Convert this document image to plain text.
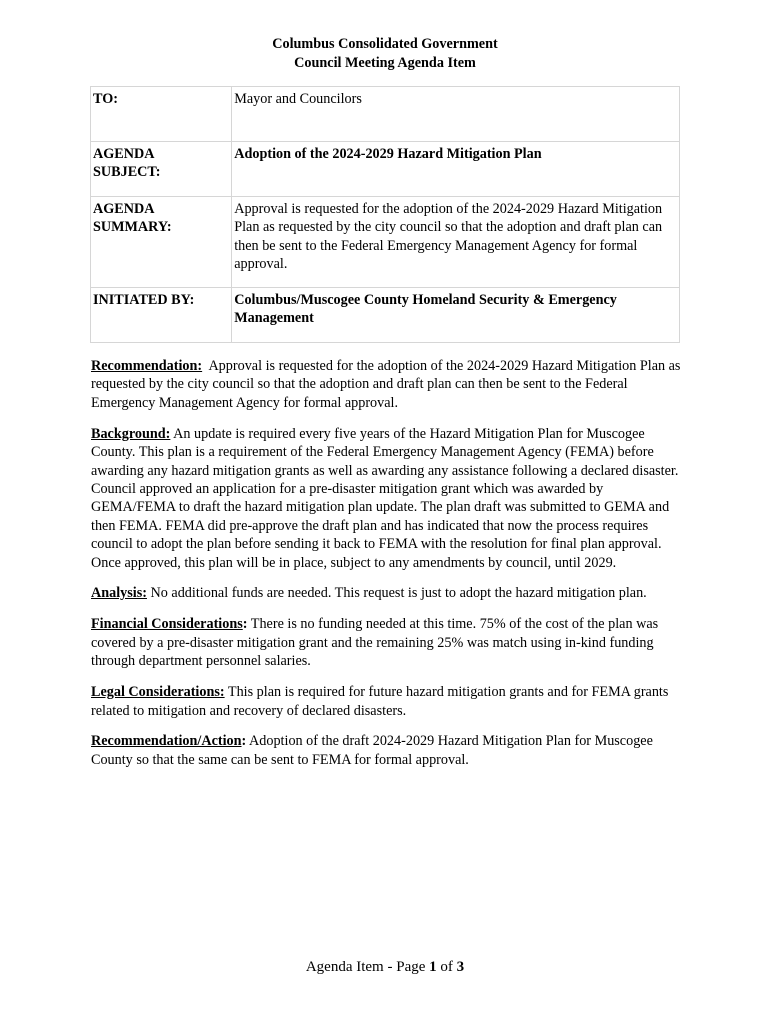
Columbus Consolidated Government
Council Meeting Agenda Item
TO:	Mayor and Councilors

AGENDA
SUBJECT:	Adoption of the 2024-2029 Hazard Mitigation Plan

AGENDA
SUMMARY:	Approval is requested for the adoption of the 2024-2029 Hazard Mitigation Plan as requested by the city council so that the adoption and draft plan can then be sent to the Federal Emergency Management Agency for formal approval.
INITIATED BY:	Columbus/Muscogee County Homeland Security & Emergency Management

Recommendation: Approval is requested for the adoption of the 2024-2029 Hazard Mitigation Plan as requested by the city council so that the adoption and draft plan can then be sent to the Federal Emergency Management Agency for formal approval.

Background: An update is required every five years of the Hazard Mitigation Plan for Muscogee County. This plan is a requirement of the Federal Emergency Management Agency (FEMA) before awarding any hazard mitigation grants as well as awarding any assistance following a declared disaster. Council approved an application for a pre-disaster mitigation grant which was awarded by GEMA/FEMA to draft the hazard mitigation plan update. The plan draft was submitted to GEMA and then FEMA. FEMA did pre-approve the draft plan and has indicated that now the process requires council to adopt the plan before sending it back to FEMA with the resolution for final plan approval. Once approved, this plan will be in place, subject to any amendments by council, until 2029.

Analysis: No additional funds are needed. This request is just to adopt the hazard mitigation plan.

Financial Considerations: There is no funding needed at this time. 75% of the cost of the plan was covered by a pre-disaster mitigation grant and the remaining 25% was match using in-kind funding through department personnel salaries.

Legal Considerations: This plan is required for future hazard mitigation grants and for FEMA grants related to mitigation and recovery of declared disasters.

Recommendation/Action: Adoption of the draft 2024-2029 Hazard Mitigation Plan for Muscogee County so that the same can be sent to FEMA for formal approval.

Agenda Item - Page 1 of 3
